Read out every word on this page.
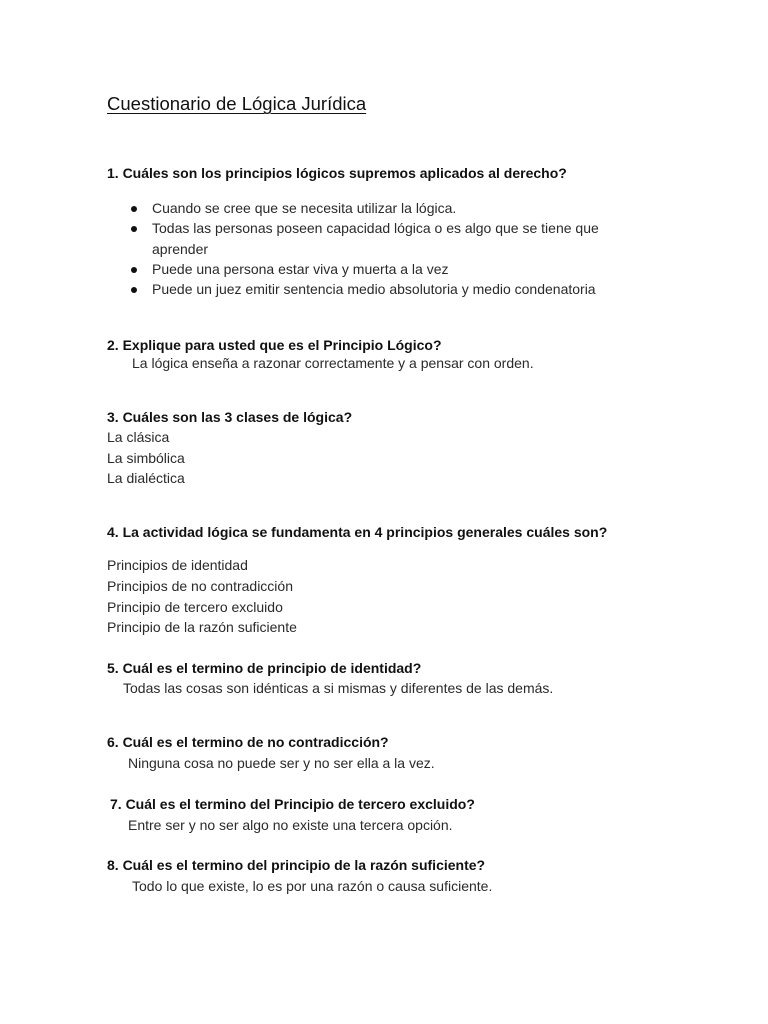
Cuestionario de Lógica Jurídica
1. Cuáles son los principios lógicos supremos aplicados al derecho?
Cuando se cree que se necesita utilizar la lógica.
Todas las personas poseen capacidad lógica o es algo que se tiene que
aprender
Puede una persona estar viva y muerta a la vez
Puede un juez emitir sentencia medio absolutoria y medio condenatoria
2. Explique para usted que es el Principio Lógico?
La lógica enseña a razonar correctamente y a pensar con orden.
3. Cuáles son las 3 clases de lógica?
La clásica
La simbólica
La dialéctica
4. La actividad lógica se fundamenta en 4 principios generales cuáles son?
Principios de identidad
Principios de no contradicción
Principio de tercero excluido
Principio de la razón suficiente
5. Cuál es el termino de principio de identidad?
Todas las cosas son idénticas a si mismas y diferentes de las demás.
6. Cuál es el termino de no contradicción?
Ninguna cosa no puede ser y no ser ella a la vez.
7. Cuál es el termino del Principio de tercero excluido?
Entre ser y no ser algo no existe una tercera opción.
8. Cuál es el termino del principio de la razón suficiente?
Todo lo que existe, lo es por una razón o causa suficiente.
